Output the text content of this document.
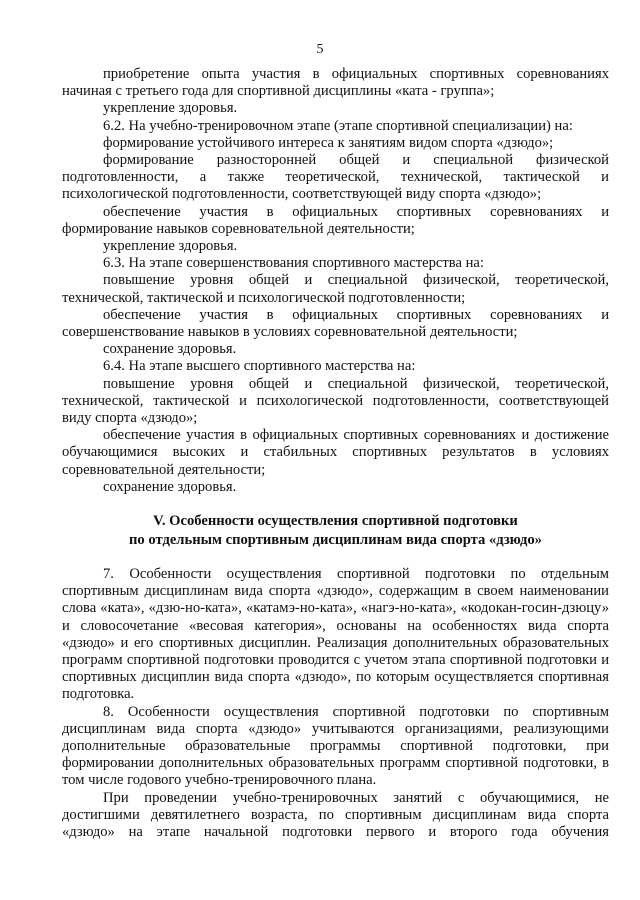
5

приобретение опыта участия в официальных спортивных соревнованиях начиная с третьего года для спортивной дисциплины «ката - группа»;

укрепление здоровья.

6.2. На учебно-тренировочном этапе (этапе спортивной специализации) на:

формирование устойчивого интереса к занятиям видом спорта «дзюдо»;

формирование разносторонней общей и специальной физической подготовленности, а также теоретической, технической, тактической и психологической подготовленности, соответствующей виду спорта «дзюдо»;

обеспечение участия в официальных спортивных соревнованиях и формирование навыков соревновательной деятельности;

укрепление здоровья.

6.3. На этапе совершенствования спортивного мастерства на:

повышение уровня общей и специальной физической, теоретической, технической, тактической и психологической подготовленности;

обеспечение участия в официальных спортивных соревнованиях и совершенствование навыков в условиях соревновательной деятельности;

сохранение здоровья.

6.4. На этапе высшего спортивного мастерства на:

повышение уровня общей и специальной физической, теоретической, технической, тактической и психологической подготовленности, соответствующей виду спорта «дзюдо»;

обеспечение участия в официальных спортивных соревнованиях и достижение обучающимися высоких и стабильных спортивных результатов в условиях соревновательной деятельности;

сохранение здоровья.

V. Особенности осуществления спортивной подготовки
по отдельным спортивным дисциплинам вида спорта «дзюдо»

7. Особенности осуществления спортивной подготовки по отдельным спортивным дисциплинам вида спорта «дзюдо», содержащим в своем наименовании слова «ката», «дзю-но-ката», «катамэ-но-ката», «нагэ-но-ката», «кодокан-госин-дзюцу» и словосочетание «весовая категория», основаны на особенностях вида спорта «дзюдо» и его спортивных дисциплин. Реализация дополнительных образовательных программ спортивной подготовки проводится с учетом этапа спортивной подготовки и спортивных дисциплин вида спорта «дзюдо», по которым осуществляется спортивная подготовка.

8. Особенности осуществления спортивной подготовки по спортивным дисциплинам вида спорта «дзюдо» учитываются организациями, реализующими дополнительные образовательные программы спортивной подготовки, при формировании дополнительных образовательных программ спортивной подготовки, в том числе годового учебно-тренировочного плана.

При проведении учебно-тренировочных занятий с обучающимися, не достигшими девятилетнего возраста, по спортивным дисциплинам вида спорта «дзюдо» на этапе начальной подготовки первого и второго года обучения
